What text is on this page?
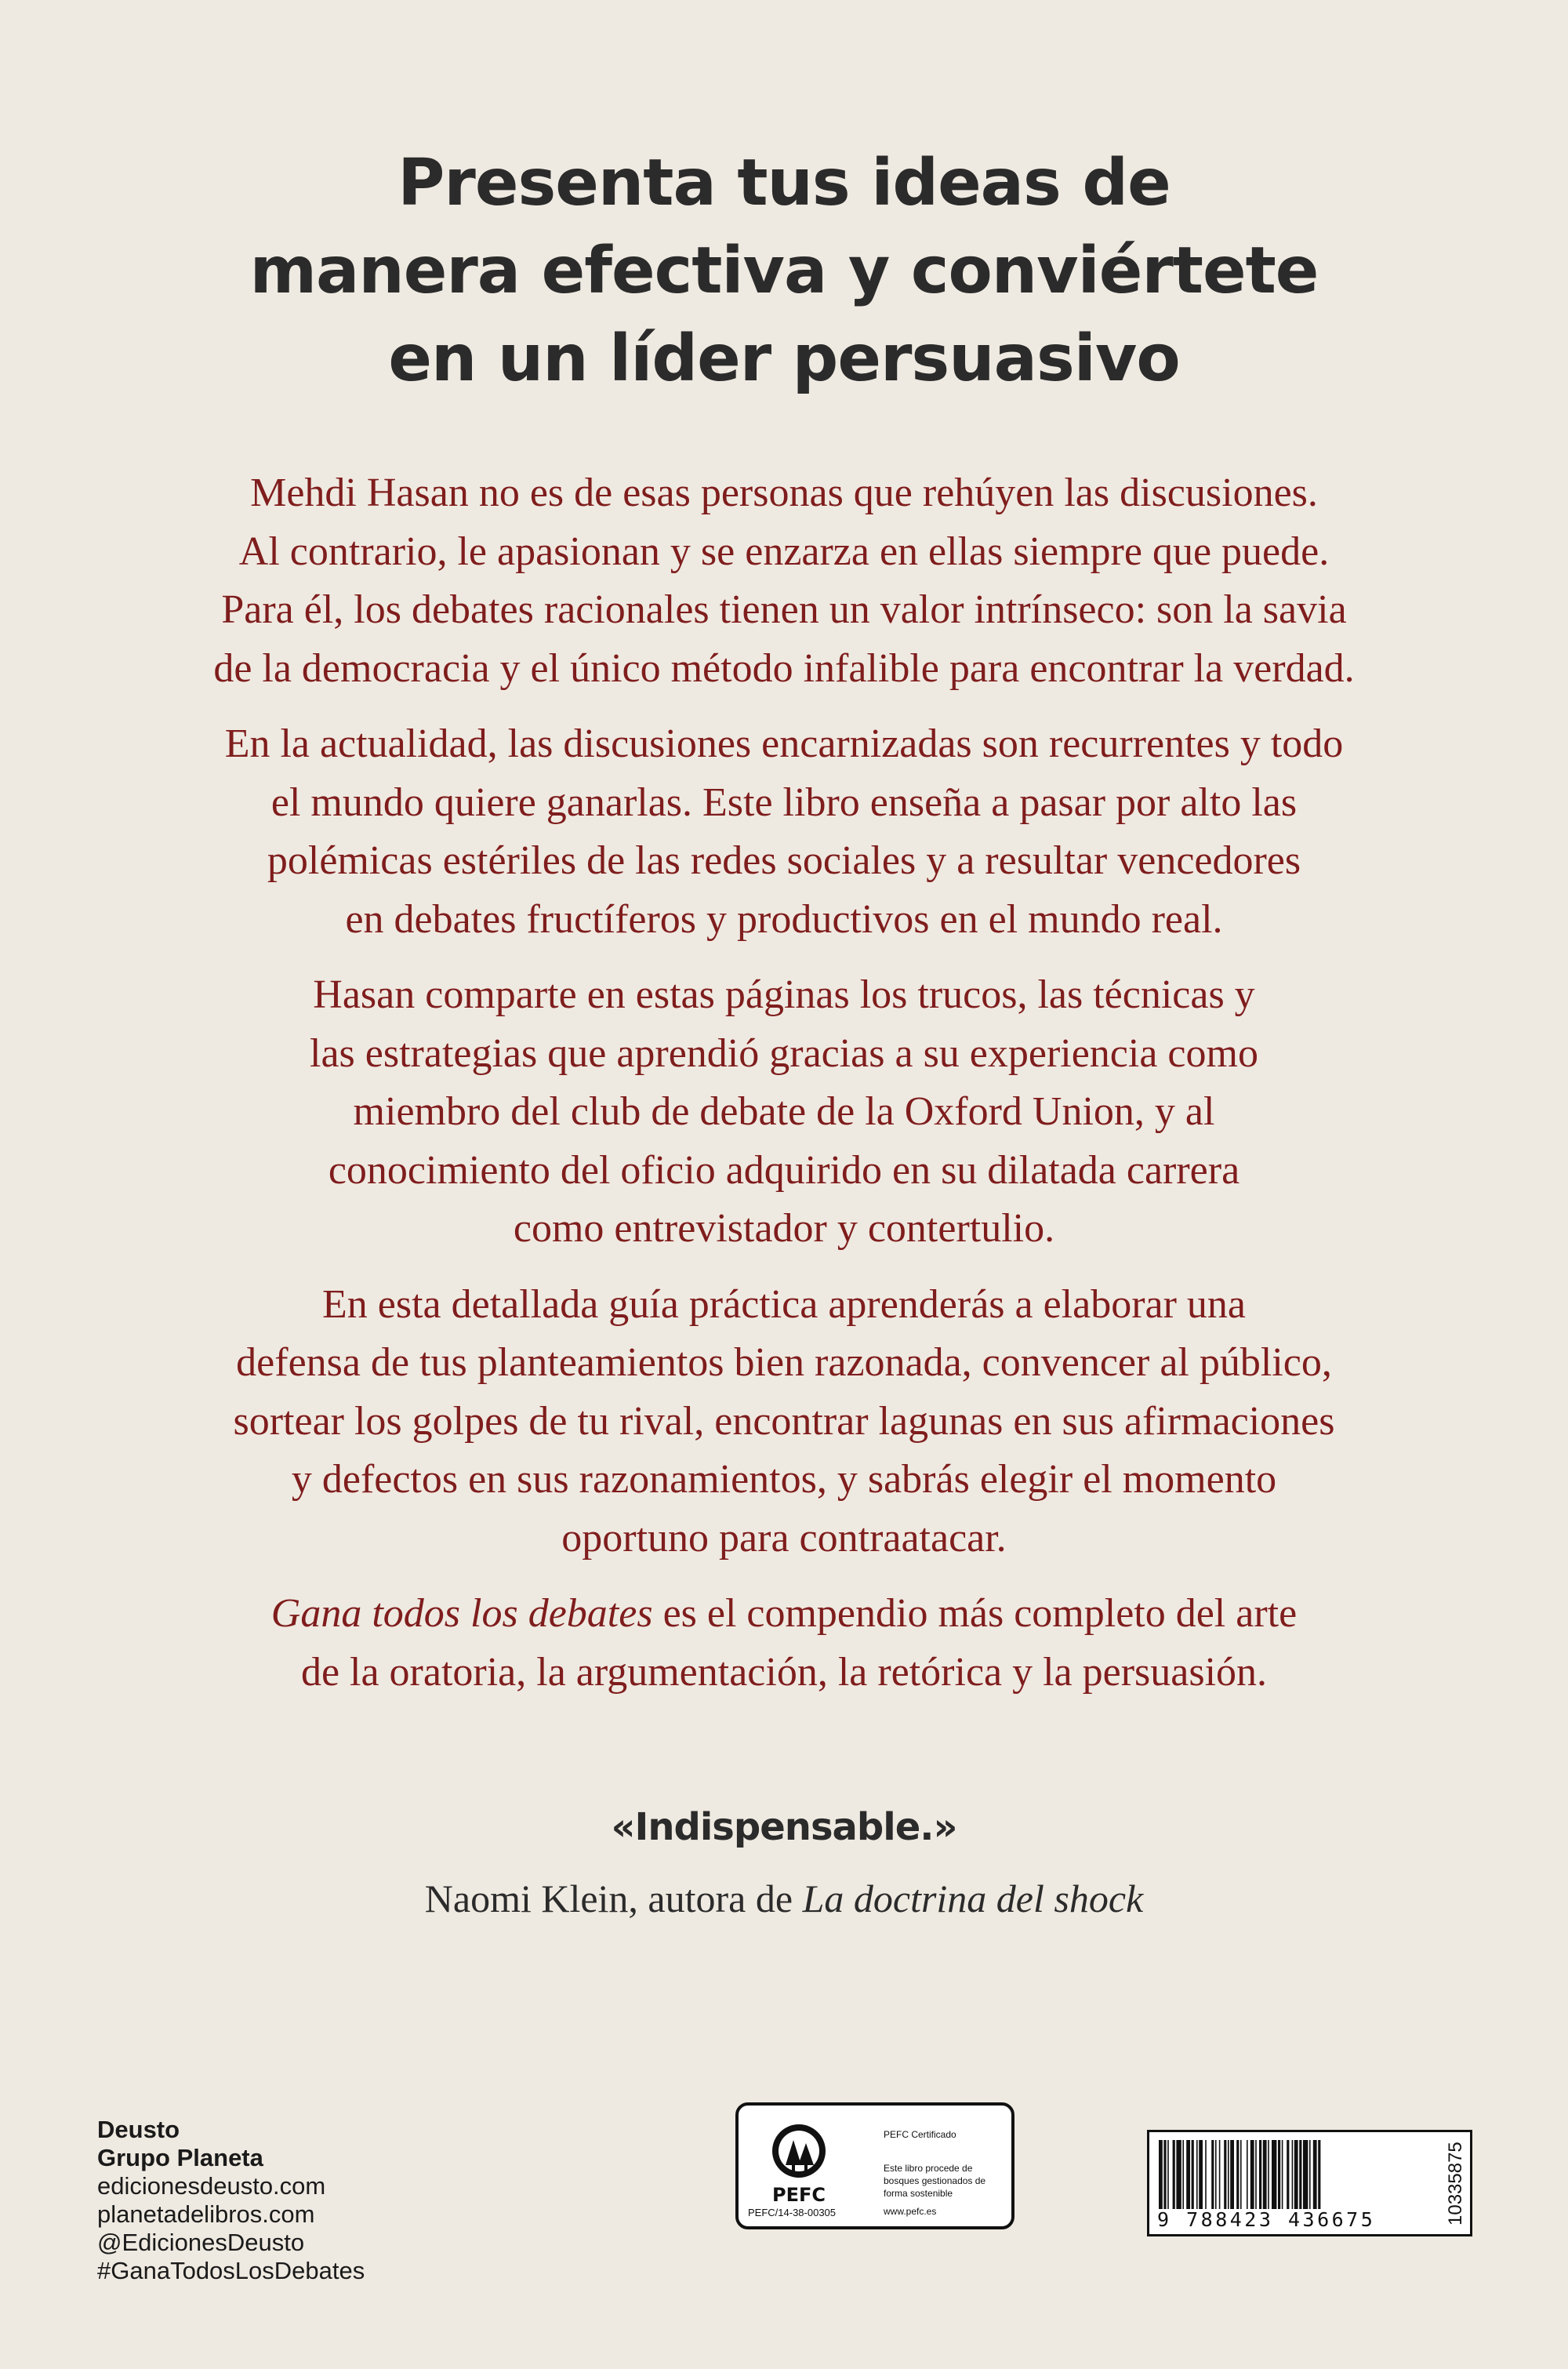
Presenta tus ideas de
manera efectiva y conviértete
en un líder persuasivo

Mehdi Hasan no es de esas personas que rehúyen las discusiones.
Al contrario, le apasionan y se enzarza en ellas siempre que puede.
Para él, los debates racionales tienen un valor intrínseco: son la savia
de la democracia y el único método infalible para encontrar la verdad.

En la actualidad, las discusiones encarnizadas son recurrentes y todo
el mundo quiere ganarlas. Este libro enseña a pasar por alto las
polémicas estériles de las redes sociales y a resultar vencedores
en debates fructíferos y productivos en el mundo real.

Hasan comparte en estas páginas los trucos, las técnicas y
las estrategias que aprendió gracias a su experiencia como
miembro del club de debate de la Oxford Union, y al
conocimiento del oficio adquirido en su dilatada carrera
como entrevistador y contertulio.

En esta detallada guía práctica aprenderás a elaborar una
defensa de tus planteamientos bien razonada, convencer al público,
sortear los golpes de tu rival, encontrar lagunas en sus afirmaciones
y defectos en sus razonamientos, y sabrás elegir el momento
oportuno para contraatacar.

Gana todos los debates es el compendio más completo del arte
de la oratoria, la argumentación, la retórica y la persuasión.

«Indispensable.»
Naomi Klein, autora de La doctrina del shock
Deusto
Grupo Planeta
edicionesdeusto.com
planetadelibros.com
@EdicionesDeusto
#GanaTodosLosDebates
PEFC
PEFC Certificado
Este libro procede de bosques gestionados de forma sostenible
PEFC/14-38-00305	www.pefc.es	9 788423 436675	10335875
